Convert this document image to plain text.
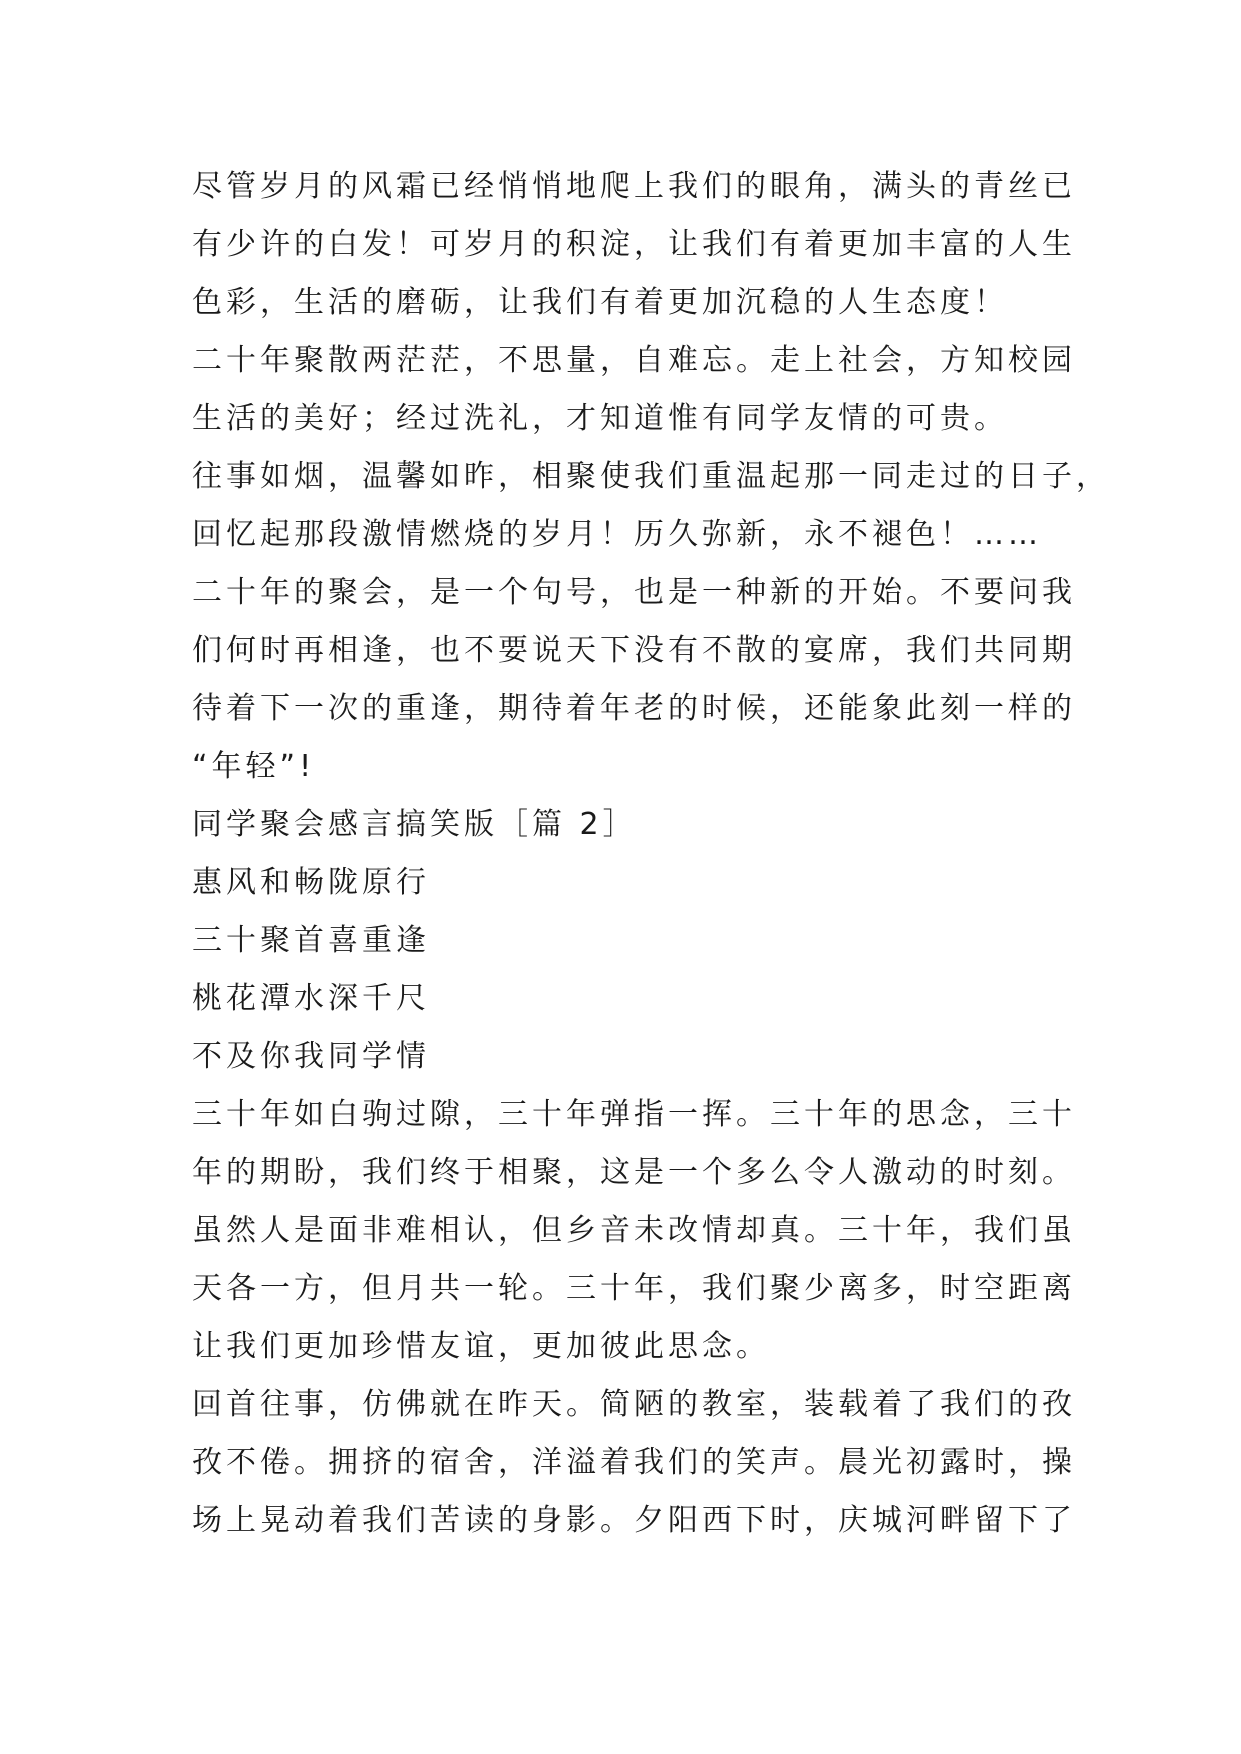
尽管岁月的风霜已经悄悄地爬上我们的眼角，满头的青丝已
有少许的白发！可岁月的积淀，让我们有着更加丰富的人生
色彩，生活的磨砺，让我们有着更加沉稳的人生态度！
二十年聚散两茫茫，不思量，自难忘。走上社会，方知校园
生活的美好；经过洗礼，才知道惟有同学友情的可贵。
往事如烟，温馨如昨，相聚使我们重温起那一同走过的日子，
回忆起那段激情燃烧的岁月！历久弥新，永不褪色！……
二十年的聚会，是一个句号，也是一种新的开始。不要问我
们何时再相逢，也不要说天下没有不散的宴席，我们共同期
待着下一次的重逢，期待着年老的时候，还能象此刻一样的
“年轻”!
同学聚会感言搞笑版［篇 2］
惠风和畅陇原行
三十聚首喜重逢
桃花潭水深千尺
不及你我同学情
三十年如白驹过隙，三十年弹指一挥。三十年的思念，三十
年的期盼，我们终于相聚，这是一个多么令人激动的时刻。
虽然人是面非难相认，但乡音未改情却真。三十年，我们虽
天各一方，但月共一轮。三十年，我们聚少离多，时空距离
让我们更加珍惜友谊，更加彼此思念。
回首往事，仿佛就在昨天。简陋的教室，装载着了我们的孜
孜不倦。拥挤的宿舍，洋溢着我们的笑声。晨光初露时，操
场上晃动着我们苦读的身影。夕阳西下时，庆城河畔留下了
